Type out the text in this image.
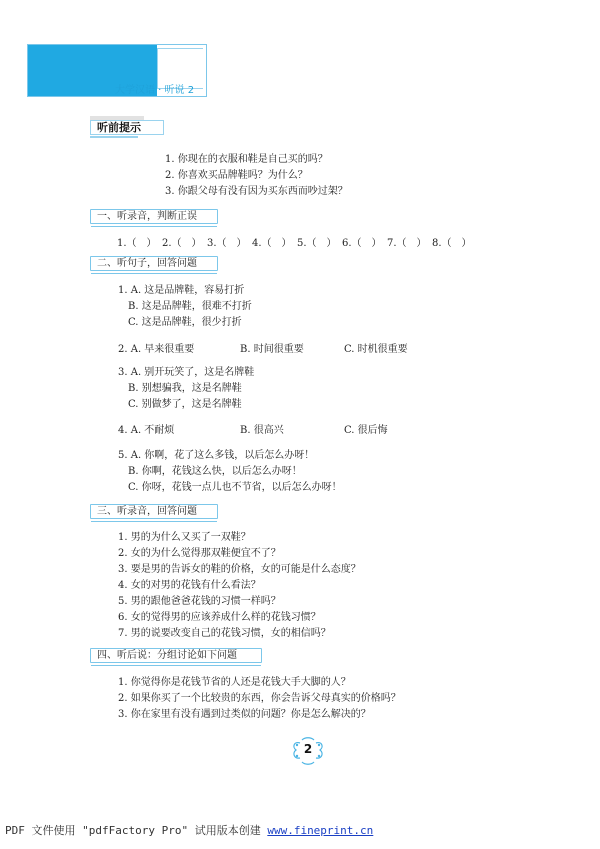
大学汉语 · 听说 2
听前提示
1. 你现在的衣服和鞋是自己买的吗？
2. 你喜欢买品牌鞋吗？为什么？
3. 你跟父母有没有因为买东西而吵过架？
一、听录音，判断正误
1.（　） 2.（　） 3.（　） 4.（　） 5.（　） 6.（　） 7.（　） 8.（　）
二、听句子，回答问题
1. A. 这是品牌鞋，容易打折
B. 这是品牌鞋，很难不打折
C. 这是品牌鞋，很少打折
2. A. 早来很重要	B. 时间很重要	C. 时机很重要
3. A. 别开玩笑了，这是名牌鞋
B. 别想骗我，这是名牌鞋
C. 别做梦了，这是名牌鞋
4. A. 不耐烦	B. 很高兴	C. 很后悔
5. A. 你啊，花了这么多钱，以后怎么办呀！
B. 你啊，花钱这么快，以后怎么办呀！
C. 你呀，花钱一点儿也不节省，以后怎么办呀！
三、听录音，回答问题
1. 男的为什么又买了一双鞋？
2. 女的为什么觉得那双鞋便宜不了？
3. 要是男的告诉女的鞋的价格，女的可能是什么态度？
4. 女的对男的花钱有什么看法？
5. 男的跟他爸爸花钱的习惯一样吗？
6. 女的觉得男的应该养成什么样的花钱习惯？
7. 男的说要改变自己的花钱习惯，女的相信吗？
四、听后说：分组讨论如下问题
1. 你觉得你是花钱节省的人还是花钱大手大脚的人？
2. 如果你买了一个比较贵的东西，你会告诉父母真实的价格吗？
3. 你在家里有没有遇到过类似的问题？你是怎么解决的？
2
PDF 文件使用 "pdfFactory Pro" 试用版本创建 www.fineprint.cn
